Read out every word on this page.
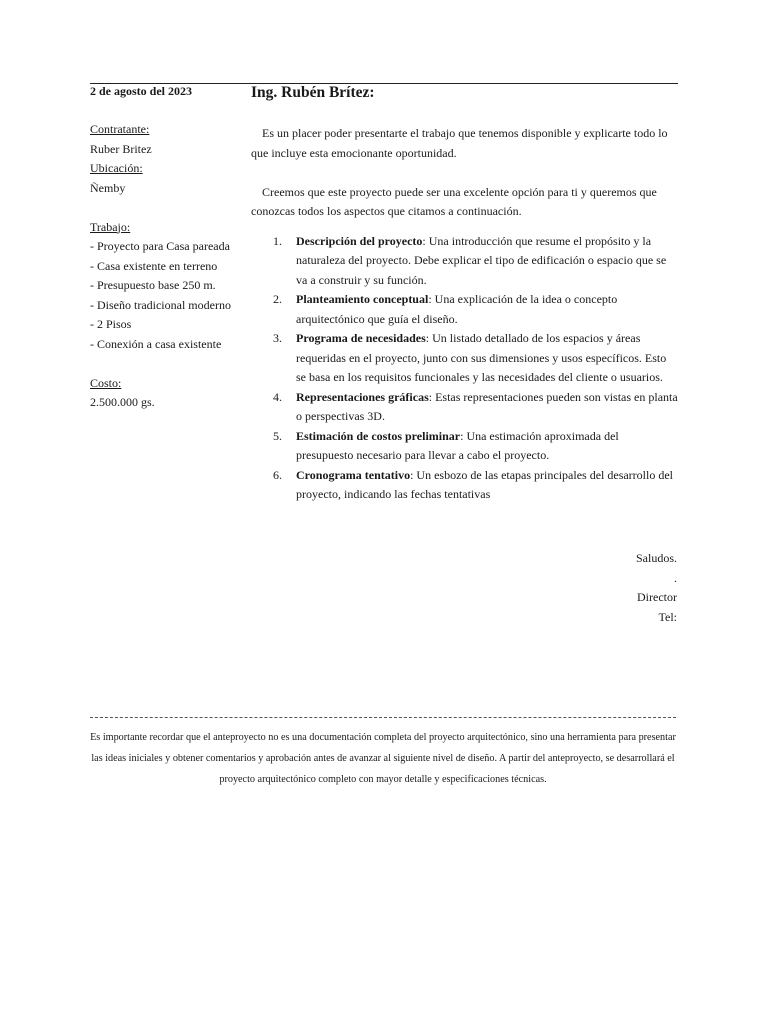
2 de agosto del 2023	Ing. Rubén Brítez:
Contratante:
Ruber Britez
Ubicación:
Ñemby
Trabajo:
- Proyecto para Casa pareada
- Casa existente en terreno
- Presupuesto base 250 m.
- Diseño tradicional moderno
- 2 Pisos
- Conexión a casa existente
Costo:
2.500.000 gs.

Es un placer poder presentarte el trabajo que tenemos disponible y explicarte todo lo que incluye esta emocionante oportunidad.

Creemos que este proyecto puede ser una excelente opción para ti y queremos que conozcas todos los aspectos que citamos a continuación.

1. Descripción del proyecto: Una introducción que resume el propósito y la naturaleza del proyecto. Debe explicar el tipo de edificación o espacio que se va a construir y su función.
2. Planteamiento conceptual: Una explicación de la idea o concepto arquitectónico que guía el diseño.
3. Programa de necesidades: Un listado detallado de los espacios y áreas requeridas en el proyecto, junto con sus dimensiones y usos específicos. Esto se basa en los requisitos funcionales y las necesidades del cliente o usuarios.
4. Representaciones gráficas: Estas representaciones pueden son vistas en planta o perspectivas 3D.
5. Estimación de costos preliminar: Una estimación aproximada del presupuesto necesario para llevar a cabo el proyecto.
6. Cronograma tentativo: Un esbozo de las etapas principales del desarrollo del proyecto, indicando las fechas tentativas
Saludos.
.
Director
Tel:
Es importante recordar que el anteproyecto no es una documentación completa del proyecto arquitectónico, sino una herramienta para presentar las ideas iniciales y obtener comentarios y aprobación antes de avanzar al siguiente nivel de diseño. A partir del anteproyecto, se desarrollará el proyecto arquitectónico completo con mayor detalle y especificaciones técnicas.
